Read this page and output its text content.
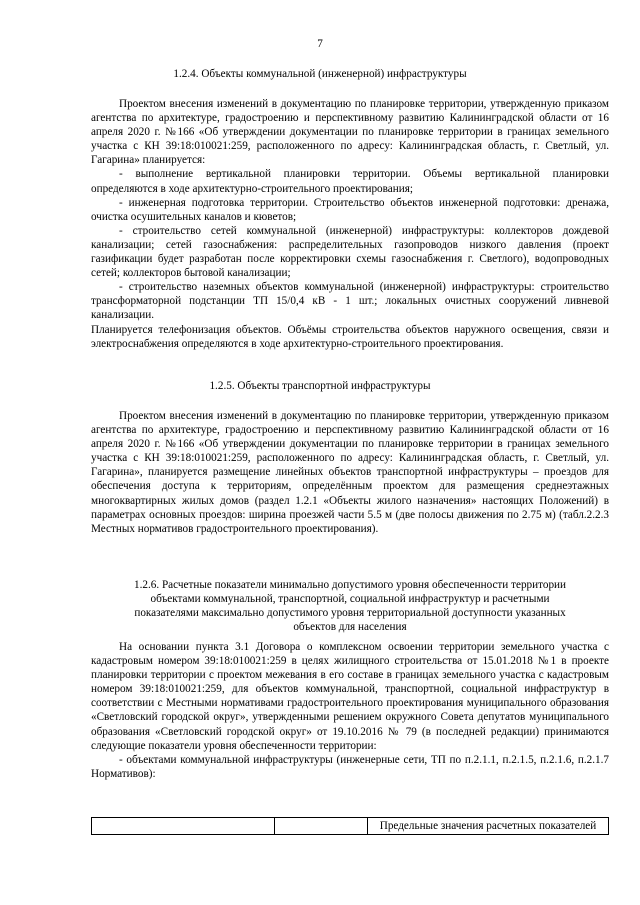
7
1.2.4. Объекты коммунальной (инженерной) инфраструктуры

Проектом внесения изменений в документацию по планировке территории, утвержденную приказом агентства по архитектуре, градостроению и перспективному развитию Калининградской области от 16 апреля 2020 г. №166 «Об утверждении документации по планировке территории в границах земельного участка с КН 39:18:010021:259, расположенного по адресу: Калининградская область, г. Светлый, ул. Гагарина» планируется:

- выполнение вертикальной планировки территории. Объемы вертикальной планировки определяются в ходе архитектурно-строительного проектирования;

- инженерная подготовка территории. Строительство объектов инженерной подготовки: дренажа, очистка осушительных каналов и кюветов;

- строительство сетей коммунальной (инженерной) инфраструктуры: коллекторов дождевой канализации; сетей газоснабжения: распределительных газопроводов низкого давления (проект газификации будет разработан после корректировки схемы газоснабжения г. Светлого), водопроводных сетей; коллекторов бытовой канализации;

- строительство наземных объектов коммунальной (инженерной) инфраструктуры: строительство трансформаторной подстанции ТП 15/0,4 кВ - 1 шт.; локальных очистных сооружений ливневой канализации.

Планируется телефонизация объектов. Объёмы строительства объектов наружного освещения, связи и электроснабжения определяются в ходе архитектурно-строительного проектирования.

1.2.5. Объекты транспортной инфраструктуры

Проектом внесения изменений в документацию по планировке территории, утвержденную приказом агентства по архитектуре, градостроению и перспективному развитию Калининградской области от 16 апреля 2020 г. №166 «Об утверждении документации по планировке территории в границах земельного участка с КН 39:18:010021:259, расположенного по адресу: Калининградская область, г. Светлый, ул. Гагарина», планируется размещение линейных объектов транспортной инфраструктуры – проездов для обеспечения доступа к территориям, определённым проектом для размещения среднеэтажных многоквартирных жилых домов (раздел 1.2.1 «Объекты жилого назначения» настоящих Положений) в параметрах основных проездов: ширина проезжей части 5.5 м (две полосы движения по 2.75 м) (табл.2.2.3 Местных нормативов градостроительного проектирования).

1.2.6. Расчетные показатели минимально допустимого уровня обеспеченности территории
объектами коммунальной, транспортной, социальной инфраструктур и расчетными
показателями максимально допустимого уровня территориальной доступности указанных
объектов для населения

На основании пункта 3.1 Договора о комплексном освоении территории земельного участка с кадастровым номером 39:18:010021:259 в целях жилищного строительства от 15.01.2018 №1 в проекте планировки территории с проектом межевания в его составе в границах земельного участка с кадастровым номером 39:18:010021:259, для объектов коммунальной, транспортной, социальной инфраструктур в соответствии с Местными нормативами градостроительного проектирования муниципального образования «Светловский городской округ», утвержденными решением окружного Совета депутатов муниципального образования «Светловский городской округ» от 19.10.2016 № 79 (в последней редакции) принимаются следующие показатели уровня обеспеченности территории:

- объектами коммунальной инфраструктуры (инженерные сети, ТП по п.2.1.1, п.2.1.5, п.2.1.6, п.2.1.7 Нормативов):

		Предельные значения расчетных показателей
